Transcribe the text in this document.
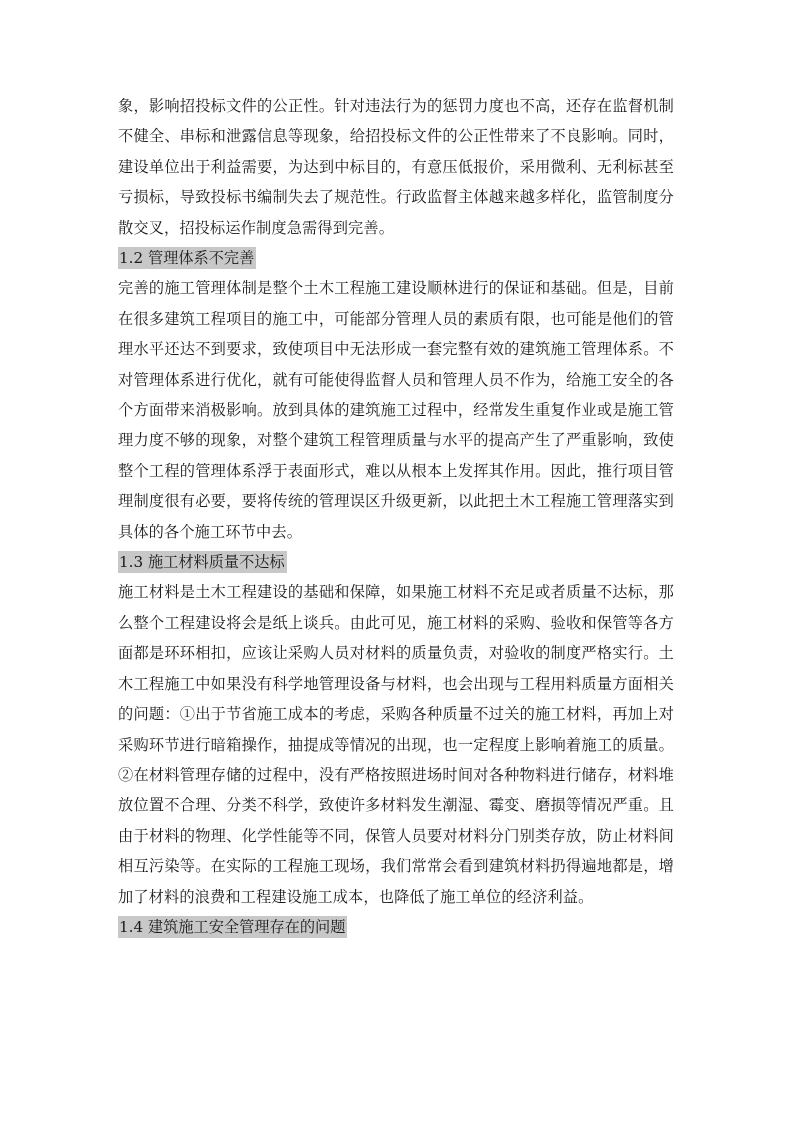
象，影响招投标文件的公正性。针对违法行为的惩罚力度也不高，还存在监督机制不健全、串标和泄露信息等现象，给招投标文件的公正性带来了不良影响。同时，建设单位出于利益需要，为达到中标目的，有意压低报价，采用微利、无利标甚至亏损标，导致投标书编制失去了规范性。行政监督主体越来越多样化，监管制度分散交叉，招投标运作制度急需得到完善。

1.2 管理体系不完善

完善的施工管理体制是整个土木工程施工建设顺林进行的保证和基础。但是，目前在很多建筑工程项目的施工中，可能部分管理人员的素质有限，也可能是他们的管理水平还达不到要求，致使项目中无法形成一套完整有效的建筑施工管理体系。不对管理体系进行优化，就有可能使得监督人员和管理人员不作为，给施工安全的各个方面带来消极影响。放到具体的建筑施工过程中，经常发生重复作业或是施工管理力度不够的现象，对整个建筑工程管理质量与水平的提高产生了严重影响，致使整个工程的管理体系浮于表面形式，难以从根本上发挥其作用。因此，推行项目管理制度很有必要，要将传统的管理误区升级更新，以此把土木工程施工管理落实到具体的各个施工环节中去。

1.3 施工材料质量不达标

施工材料是土木工程建设的基础和保障，如果施工材料不充足或者质量不达标，那么整个工程建设将会是纸上谈兵。由此可见，施工材料的采购、验收和保管等各方面都是环环相扣，应该让采购人员对材料的质量负责，对验收的制度严格实行。土木工程施工中如果没有科学地管理设备与材料，也会出现与工程用料质量方面相关的问题：①出于节省施工成本的考虑，采购各种质量不过关的施工材料，再加上对采购环节进行暗箱操作，抽提成等情况的出现，也一定程度上影响着施工的质量。②在材料管理存储的过程中，没有严格按照进场时间对各种物料进行储存，材料堆放位置不合理、分类不科学，致使许多材料发生潮湿、霉变、磨损等情况严重。且由于材料的物理、化学性能等不同，保管人员要对材料分门别类存放，防止材料间相互污染等。在实际的工程施工现场，我们常常会看到建筑材料扔得遍地都是，增加了材料的浪费和工程建设施工成本，也降低了施工单位的经济利益。

1.4 建筑施工安全管理存在的问题
